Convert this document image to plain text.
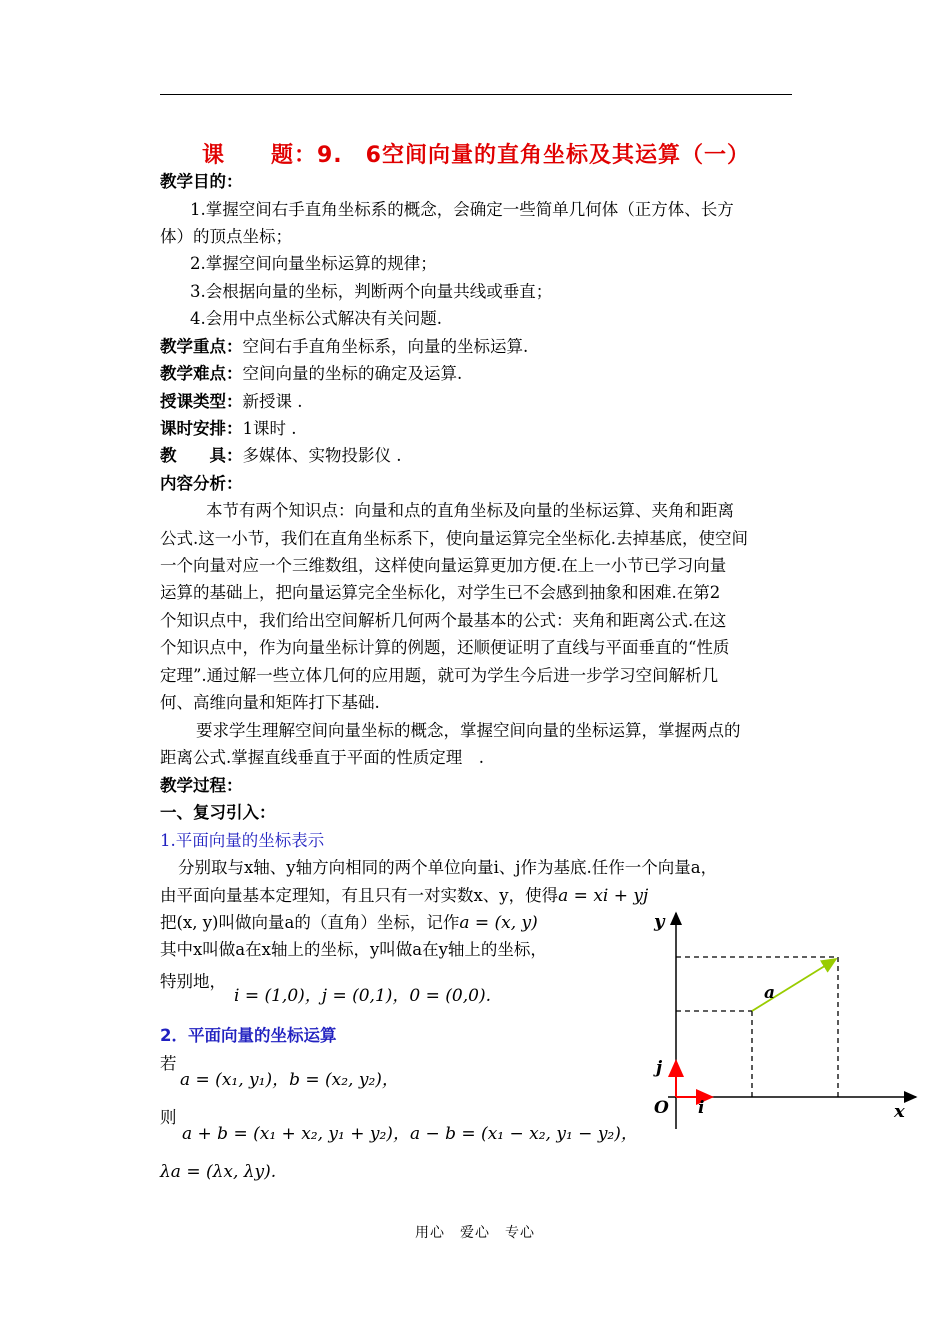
课　　题：9.　6空间向量的直角坐标及其运算（一）
教学目的：
1.掌握空间右手直角坐标系的概念，会确定一些简单几何体（正方体、长方
体）的顶点坐标；
2.掌握空间向量坐标运算的规律；
3.会根据向量的坐标，判断两个向量共线或垂直；
4.会用中点坐标公式解决有关问题.
教学重点：空间右手直角坐标系，向量的坐标运算.
教学难点：空间向量的坐标的确定及运算.
授课类型：新授课 .
课时安排：1课时 .
教　　具：多媒体、实物投影仪 .
内容分析：
本节有两个知识点：向量和点的直角坐标及向量的坐标运算、夹角和距离
公式.这一小节，我们在直角坐标系下，使向量运算完全坐标化.去掉基底，使空间
一个向量对应一个三维数组，这样使向量运算更加方便.在上一小节已学习向量
运算的基础上，把向量运算完全坐标化，对学生已不会感到抽象和困难.在第2
个知识点中，我们给出空间解析几何两个最基本的公式：夹角和距离公式.在这
个知识点中，作为向量坐标计算的例题，还顺便证明了直线与平面垂直的“性质
定理”.通过解一些立体几何的应用题，就可为学生今后进一步学习空间解析几
何、高维向量和矩阵打下基础.
要求学生理解空间向量坐标的概念，掌握空间向量的坐标运算，掌握两点的
距离公式.掌握直线垂直于平面的性质定理　.
教学过程：
一、复习引入：
1.平面向量的坐标表示
分别取与x轴、y轴方向相同的两个单位向量i、j作为基底.任作一个向量a，
由平面向量基本定理知，有且只有一对实数x、y，使得a = xi + yj
把(x, y)叫做向量a的（直角）坐标，记作a = (x, y)
其中x叫做a在x轴上的坐标，y叫做a在y轴上的坐标，
特别地，
i = (1,0)，j = (0,1)，0 = (0,0).
2．平面向量的坐标运算
若
a = (x₁, y₁)，b = (x₂, y₂)，
则
a + b = (x₁ + x₂, y₁ + y₂)，a − b = (x₁ − x₂, y₁ − y₂)，
λa = (λx, λy).
y
x
O i
j
a
用心　爱心　专心
